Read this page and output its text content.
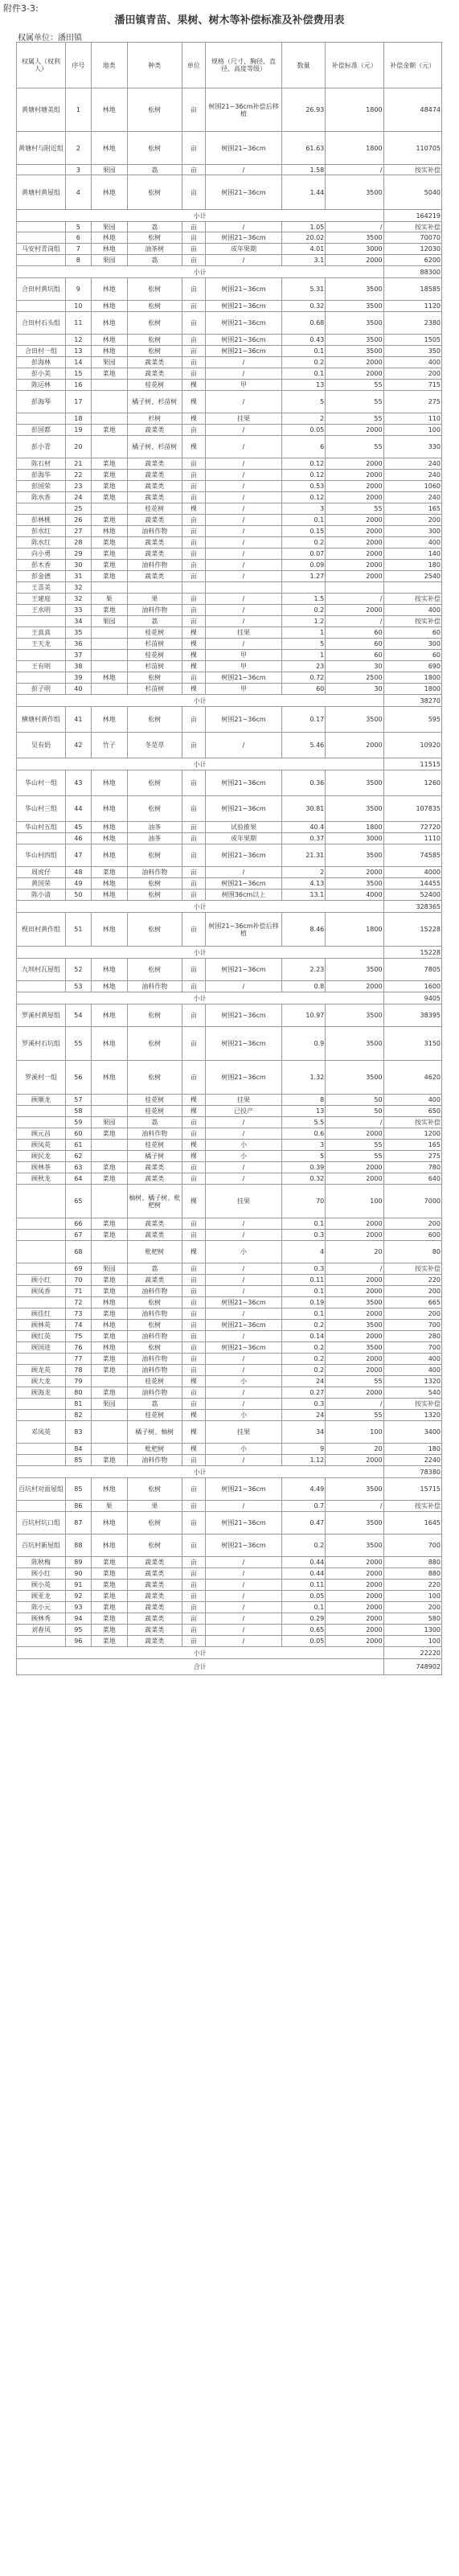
附件3-3:
潘田镇青苗、果树、树木等补偿标准及补偿费用表
权属单位：潘田镇
权属人（权利人）	序号	地类	种类	单位	规格（尺寸、胸径、直径、高度等级）	数量	补偿标准（元）	补偿金额（元）
黄塘村塘美组	1	林地	松树	亩	树围21~36cm补偿后移植	26.93	1800	48474
黄塘村与附近组	2	林地	松树	亩	树围21~36cm	61.63	1800	110705
	3	果园	荔	亩	/	1.58	/	按实补偿
黄塘村黄屋组	4	林地	松树	亩	树围21~36cm	1.44	3500	5040
小计								164219
	5	果园	荔	亩	/	1.05	/	按实补偿
	6	林地	松树	亩	树围21~36cm	20.02	3500	70070
马安村青岗组	7	林地	油茶树	亩	成年果期	4.01	3000	12030
	8	果园	荔	亩	/	3.1	2000	6200
小计								88300
合田村黄坑组	9	林地	松树	亩	树围21~36cm	5.31	3500	18585
	10	林地	松树	亩	树围21~36cm	0.32	3500	1120
合田村石头组	11	林地	松树	亩	树围21~36cm	0.68	3500	2380
	12	林地	松树	亩	树围21~36cm	0.43	3500	1505
合田村一组	13	林地	松树	亩	树围21~36cm	0.1	3500	350
彭海林	14	果园	蔬菜类	亩	/	0.2	2000	400
彭小美	15	菜地	蔬菜类	亩	/	0.1	2000	200
陈运林	16		桂花树	棵	甲	13	55	715
彭海琴	17		橘子树、杉苗树	棵	/	5	55	275
	18		杉树	棵	挂果	2	55	110
彭国都	19	菜地	蔬菜类	亩	/	0.05	2000	100
彭小青	20		橘子树、杉苗树	棵	/	6	55	330
陈石材	21	菜地	蔬菜类	亩	/	0.12	2000	240
彭海华	22	菜地	蔬菜类	亩	/	0.12	2000	240
彭国荣	23	菜地	蔬菜类	亩	/	0.53	2000	1060
陈水香	24	菜地	蔬菜类	亩	/	0.12	2000	240
	25		桂花树	棵	/	3	55	165
彭林桃	26	菜地	蔬菜类	亩	/	0.1	2000	200
彭水红	27	林地	油料作物	亩	/	0.15	2000	300
陈水红	28	菜地	蔬菜类	亩	/	0.2	2000	400
向小勇	29	菜地	蔬菜类	亩	/	0.07	2000	140
彭木香	30	菜地	油料作物	亩	/	0.09	2000	180
彭金德	31	菜地	蔬菜类	亩	/	1.27	2000	2540
王喜美	32							
王建庭	32	果	果	亩	/	1.5	/	按实补偿
王水明	33	菜地	油料作物	亩	/	0.2	2000	400
	34	果园	荔	亩	/	1.2	/	按实补偿
王真真	35		桂花树	棵	挂果	1	60	60
王天龙	36		杉苗树	棵	/	5	60	300
	37		桂花树	棵	甲	1	60	60
王有明	38		杉苗树	棵	甲	23	30	690
	39	林地	松树	亩	树围21~36cm	0.72	2500	1800
彭子明	40		杉苗树	棵	甲	60	30	1800
小计								38270
横塘村黄作组	41	林地	松树	亩	树围21~36cm	0.17	3500	595
吴有奶	42	竹子	冬苋草	亩	/	5.46	2000	10920
小计								11515
华山村一组	43	林地	松树	亩	树围21~36cm	0.36	3500	1260
华山村三组	44	林地	松树	亩	树围21~36cm	30.81	3500	107835
华山村五组	45	林地	油茶	亩	试验推果	40.4	1800	72720
	46	林地	油茶	亩	成年果期	0.37	3000	1110
华山村四组	47	林地	松树	亩	树围21~36cm	21.31	3500	74585
周虎仔	48	菜地	油料作物	亩	/	2	2000	4000
黄国荣	49	林地	松树	亩	树围21~36cm	4.13	3500	14455
陈小清	50	林地	松树	亩	树围36cm以上	13.1	4000	52400
小计								328365
枧田村黄作组	51	林地	松树	亩	树围21~36cm补偿后移植	8.46	1800	15228
小计								15228
九圳村瓦屋组	52	林地	松树	亩	树围21~36cm	2.23	3500	7805
	53	林地	油料作物	亩	/	0.8	2000	1600
小计								9405
罗溪村黄屋组	54	林地	松树	亩	树围21~36cm	10.97	3500	38395
罗溪村石坑组	55	林地	松树	亩	树围21~36cm	0.9	3500	3150
罗溪村一组	56	林地	松树	亩	树围21~36cm	1.32	3500	4620
顾顺龙	57		桂花树	棵	挂果	8	50	400
	58		桂花树	棵	已投产	13	50	650
	59	果园	荔	亩	/	5.5	/	按实补偿
顾元昌	60	菜地	油料作物	亩	/	0.6	2000	1200
顾凤英	61		桂花树	棵	小	3	55	165
顾民龙	62		橘子树	棵	小	5	55	275
顾林茶	63	菜地	蔬菜类	亩	/	0.39	2000	780
顾秋龙	64	菜地	蔬菜类	亩	/	0.32	2000	640
	65		柚树、橘子树、枇杷树	棵	挂果	70	100	7000
	66	菜地	蔬菜类	亩	/	0.1	2000	200
	67	菜地	蔬菜类	亩	/	0.3	2000	600
	68		枇杷树	棵	小	4	20	80
	69	果园	荔	亩	/	0.3	/	按实补偿
顾小红	70	菜地	蔬菜类	亩	/	0.11	2000	220
顾凤香	71	菜地	油料作物	亩	/	0.1	2000	200
	72	林地	松树	亩	树围21~36cm	0.19	3500	665
顾佳红	73	菜地	油料作物	亩	/	0.1	2000	200
顾林英	74	林地	松树	亩	树围21~36cm	0.2	3500	700
顾红英	75	菜地	油料作物	亩	/	0.14	2000	280
顾国进	76	林地	松树	亩	树围21~36cm	0.2	3500	700
	77	菜地	油料作物	亩	/	0.2	2000	400
顾龙英	78	菜地	油料作物	亩	/	0.2	2000	400
顾大龙	79		桂花树	棵	小	24	55	1320
顾海龙	80	菜地	油料作物	亩	/	0.27	2000	540
	81	果园	荔	亩	/	0.3	/	按实补偿
	82		桂花树	棵	小	24	55	1320
邓凤英	83		橘子树、柚树	棵	挂果	34	100	3400
	84		枇杷树	棵	小	9	20	180
	85	菜地	油料作物	亩	/	1.12	2000	2240
小计								78380
百坑村对面屋组	85	林地	松树	亩	树围21~36cm	4.49	3500	15715
	86	果	果	亩	/	0.7	/	按实补偿
百坑村坑口组	87	林地	松树	亩	树围21~36cm	0.47	3500	1645
百坑村新屋组	88	林地	松树	亩	树围21~36cm	0.2	3500	700
陈秋梅	89	菜地	蔬菜类	亩	/	0.44	2000	880
顾小红	90	菜地	蔬菜类	亩	/	0.44	2000	880
顾小英	91	菜地	蔬菜类	亩	/	0.11	2000	220
顾亚龙	92	菜地	蔬菜类	亩	/	0.05	2000	100
陈小元	93	菜地	蔬菜类	亩	/	0.1	2000	200
顾林秀	94	菜地	蔬菜类	亩	/	0.29	2000	580
刘春凤	95	菜地	蔬菜类	亩	/	0.65	2000	1300
	96	菜地	蔬菜类	亩	/	0.05	2000	100
小计								22220
合计								748902
